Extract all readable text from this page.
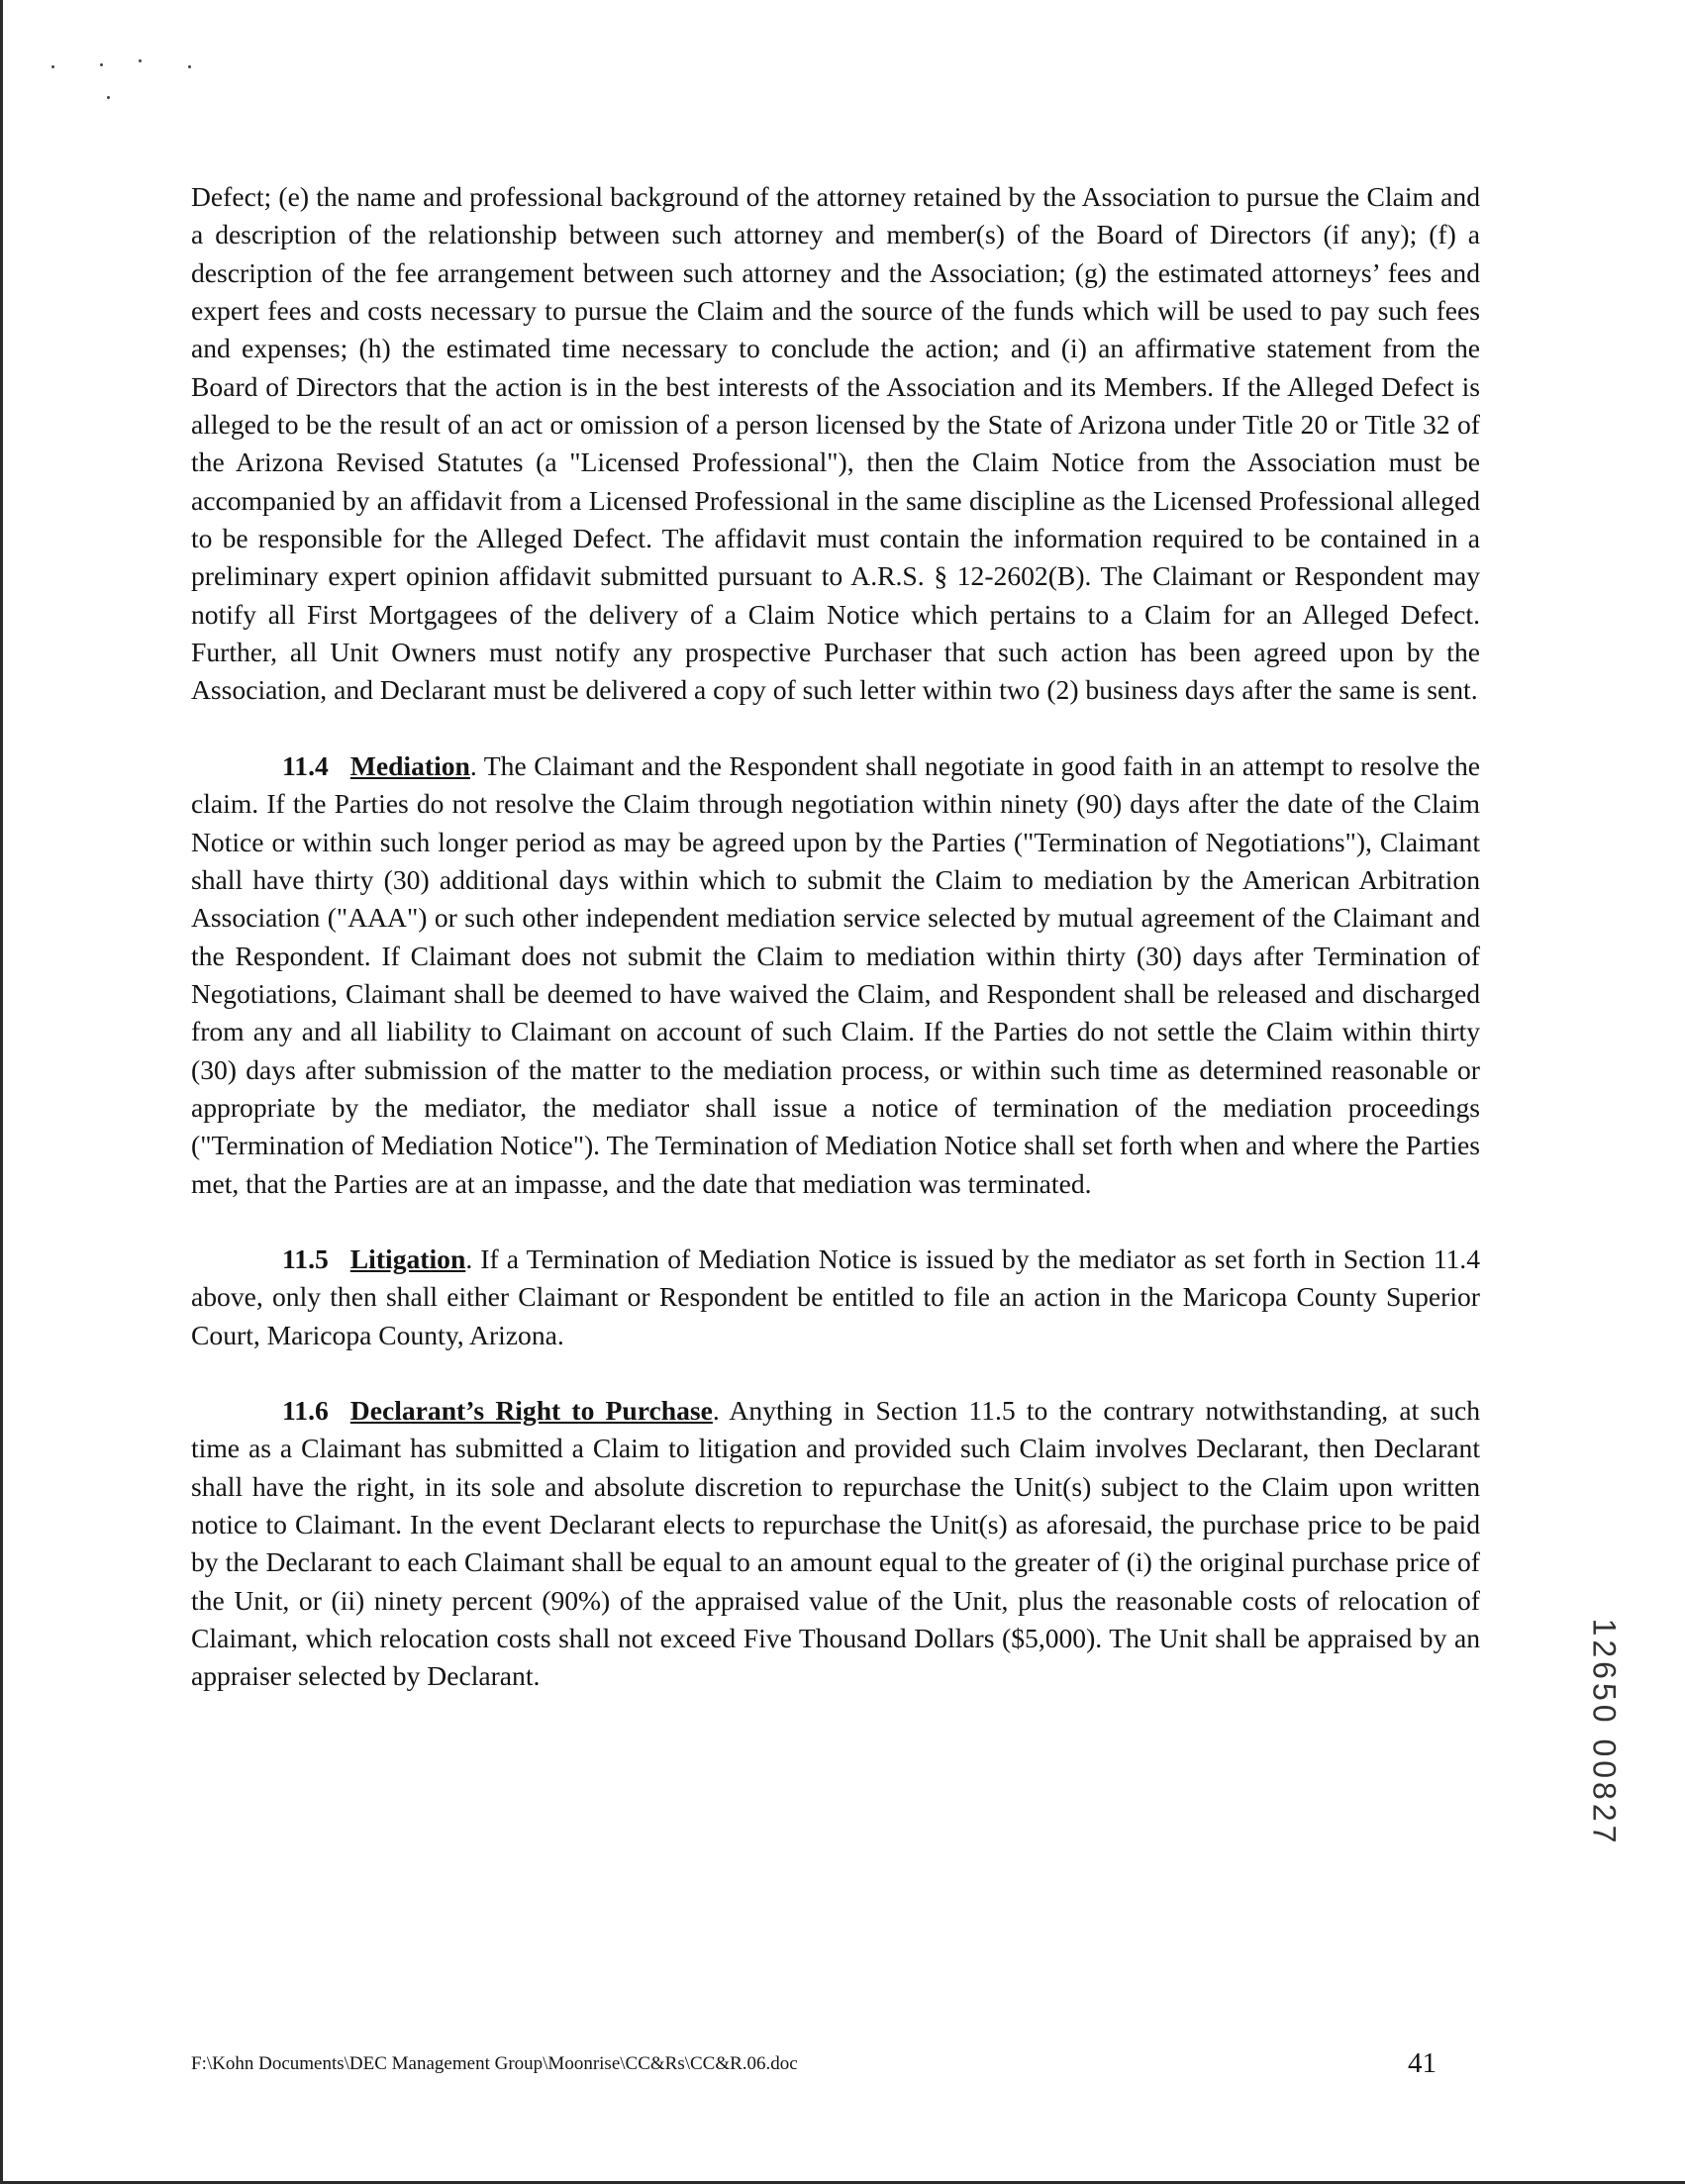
Defect; (e) the name and professional background of the attorney retained by the Association to pursue the Claim and a description of the relationship between such attorney and member(s) of the Board of Directors (if any); (f) a description of the fee arrangement between such attorney and the Association; (g) the estimated attorneys’ fees and expert fees and costs necessary to pursue the Claim and the source of the funds which will be used to pay such fees and expenses; (h) the estimated time necessary to conclude the action; and (i) an affirmative statement from the Board of Directors that the action is in the best interests of the Association and its Members. If the Alleged Defect is alleged to be the result of an act or omission of a person licensed by the State of Arizona under Title 20 or Title 32 of the Arizona Revised Statutes (a "Licensed Professional"), then the Claim Notice from the Association must be accompanied by an affidavit from a Licensed Professional in the same discipline as the Licensed Professional alleged to be responsible for the Alleged Defect. The affidavit must contain the information required to be contained in a preliminary expert opinion affidavit submitted pursuant to A.R.S. § 12-2602(B). The Claimant or Respondent may notify all First Mortgagees of the delivery of a Claim Notice which pertains to a Claim for an Alleged Defect. Further, all Unit Owners must notify any prospective Purchaser that such action has been agreed upon by the Association, and Declarant must be delivered a copy of such letter within two (2) business days after the same is sent.

11.4 Mediation. The Claimant and the Respondent shall negotiate in good faith in an attempt to resolve the claim. If the Parties do not resolve the Claim through negotiation within ninety (90) days after the date of the Claim Notice or within such longer period as may be agreed upon by the Parties ("Termination of Negotiations"), Claimant shall have thirty (30) additional days within which to submit the Claim to mediation by the American Arbitration Association ("AAA") or such other independent mediation service selected by mutual agreement of the Claimant and the Respondent. If Claimant does not submit the Claim to mediation within thirty (30) days after Termination of Negotiations, Claimant shall be deemed to have waived the Claim, and Respondent shall be released and discharged from any and all liability to Claimant on account of such Claim. If the Parties do not settle the Claim within thirty (30) days after submission of the matter to the mediation process, or within such time as determined reasonable or appropriate by the mediator, the mediator shall issue a notice of termination of the mediation proceedings ("Termination of Mediation Notice"). The Termination of Mediation Notice shall set forth when and where the Parties met, that the Parties are at an impasse, and the date that mediation was terminated.

11.5 Litigation. If a Termination of Mediation Notice is issued by the mediator as set forth in Section 11.4 above, only then shall either Claimant or Respondent be entitled to file an action in the Maricopa County Superior Court, Maricopa County, Arizona.

11.6 Declarant’s Right to Purchase. Anything in Section 11.5 to the contrary notwithstanding, at such time as a Claimant has submitted a Claim to litigation and provided such Claim involves Declarant, then Declarant shall have the right, in its sole and absolute discretion to repurchase the Unit(s) subject to the Claim upon written notice to Claimant. In the event Declarant elects to repurchase the Unit(s) as aforesaid, the purchase price to be paid by the Declarant to each Claimant shall be equal to an amount equal to the greater of (i) the original purchase price of the Unit, or (ii) ninety percent (90%) of the appraised value of the Unit, plus the reasonable costs of relocation of Claimant, which relocation costs shall not exceed Five Thousand Dollars ($5,000). The Unit shall be appraised by an appraiser selected by Declarant.	12650 00827
F:\Kohn Documents\DEC Management Group\Moonrise\CC&Rs\CC&R.06.doc	41
